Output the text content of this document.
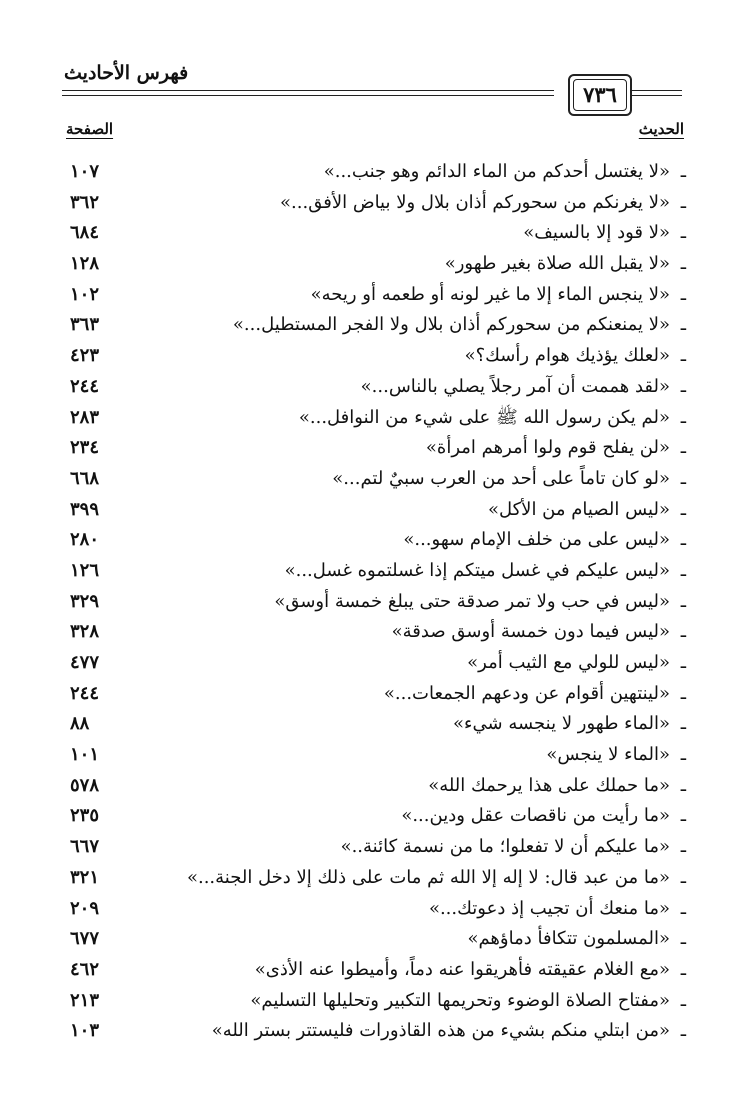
فهرس الأحاديث
٧٣٦
الحديث
الصفحة
ـ
«لا يغتسل أحدكم من الماء الدائم وهو جنب...»
١٠٧
ـ
«لا يغرنكم من سحوركم أذان بلال ولا بياض الأفق...»
٣٦٢
ـ
«لا قود إلا بالسيف»
٦٨٤
ـ
«لا يقبل الله صلاة بغير طهور»
١٢٨
ـ
«لا ينجس الماء إلا ما غير لونه أو طعمه أو ريحه»
١٠٢
ـ
«لا يمنعنكم من سحوركم أذان بلال ولا الفجر المستطيل...»
٣٦٣
ـ
«لعلك يؤذيك هوام رأسك؟»
٤٢٣
ـ
«لقد هممت أن آمر رجلاً يصلي بالناس...»
٢٤٤
ـ
«لم يكن رسول الله ﷺ على شيء من النوافل...»
٢٨٣
ـ
«لن يفلح قوم ولوا أمرهم امرأة»
٢٣٤
ـ
«لو كان تاماً على أحد من العرب سبيٌ لتم...»
٦٦٨
ـ
«ليس الصيام من الأكل»
٣٩٩
ـ
«ليس على من خلف الإمام سهو...»
٢٨٠
ـ
«ليس عليكم في غسل ميتكم إذا غسلتموه غسل...»
١٢٦
ـ
«ليس في حب ولا تمر صدقة حتى يبلغ خمسة أوسق»
٣٢٩
ـ
«ليس فيما دون خمسة أوسق صدقة»
٣٢٨
ـ
«ليس للولي مع الثيب أمر»
٤٧٧
ـ
«لينتهين أقوام عن ودعهم الجمعات...»
٢٤٤
ـ
«الماء طهور لا ينجسه شيء»
٨٨
ـ
«الماء لا ينجس»
١٠١
ـ
«ما حملك على هذا يرحمك الله»
٥٧٨
ـ
«ما رأيت من ناقصات عقل ودين...»
٢٣٥
ـ
«ما عليكم أن لا تفعلوا؛ ما من نسمة كائنة..»
٦٦٧
ـ
«ما من عبد قال: لا إله إلا الله ثم مات على ذلك إلا دخل الجنة...»
٣٢١
ـ
«ما منعك أن تجيب إذ دعوتك...»
٢٠٩
ـ
«المسلمون تتكافأ دماؤهم»
٦٧٧
ـ
«مع الغلام عقيقته فأهريقوا عنه دماً، وأميطوا عنه الأذى»
٤٦٢
ـ
«مفتاح الصلاة الوضوء وتحريمها التكبير وتحليلها التسليم»
٢١٣
ـ
«من ابتلي منكم بشيء من هذه القاذورات فليستتر بستر الله»
١٠٣
